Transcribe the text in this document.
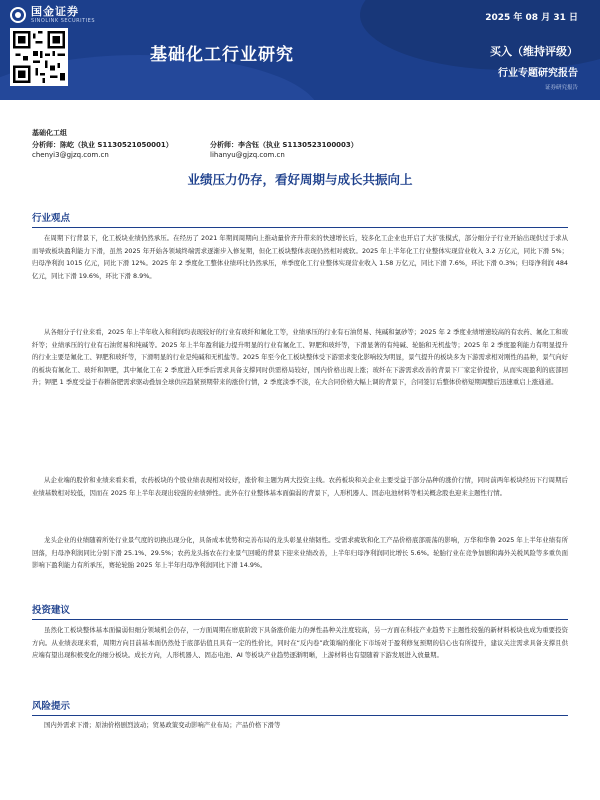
国金证券
SINOLINK SECURITIES	2025 年 08 月 31 日
基础化工行业研究	买入（维持评级）
行业专题研究报告
证券研究报告
基础化工组
分析师：陈屹（执业 S1130521050001）
chenyi3@gjzq.com.cn
分析师：李含钰（执业 S1130523100003）
lihanyu@gjzq.com.cn
业绩压力仍存，看好周期与成长共振向上
行业观点

在周期下行背景下，化工板块业绩仍然承压。在经历了 2021 年期间周期向上推动量价齐升带来的快速增长后，较多化工企业也开启了大扩张模式，部分细分子行业开始出现供过于求从而导致板块盈利能力下滑，虽然 2025 年开始各领域终端需求逐渐步入修复期，但化工板块整体表现仍然相对疲软。2025 年上半年化工行业整体实现营业收入 3.2 万亿元，同比下滑 5%；归母净利润 1015 亿元，同比下滑 12%。2025 年 2 季度化工整体业绩环比仍然承压，单季度化工行业整体实现营业收入 1.58 万亿元，同比下滑 7.6%，环比下滑 0.3%；归母净利润 484 亿元，同比下滑 19.6%，环比下滑 8.9%。

从各细分子行业来看，2025 年上半年收入和利润均表现较好的行业有玻纤和氟化工等，业绩承压的行业有石油贸易、纯碱和氯砂等；2025 年 2 季度业绩增速较高的有农药、氟化工和玻纤等；业绩承压的行业有石油贸易和纯碱等。2025 年上半年盈利能力提升明显的行业有氟化工、钾肥和玻纤等，下滑显著的有纯碱、轮胎和无机盐等；2025 年 2 季度盈利能力有明显提升的行业主要是氟化工、钾肥和玻纤等，下滑明显的行业是纯碱和无机盐等。2025 年至今化工板块整体受下游需求变化影响较为明显，景气提升的板块多为下游需求相对刚性的品种，景气向好的板块有氟化工、玻纤和钾肥，其中氟化工在 2 季度进入旺季后需求具备支撑同时供需格局较好，国内价格出现上涨；玻纤在下游需求改善的背景下厂家定价提价，从而实现盈利的底部回升；钾肥 1 季度受益于春耕备肥需求驱动叠加全球供应趋紧预期带来的涨价行情，2 季度淡季不淡，在大合同价格大幅上调的背景下，合同签订后整体价格短期调整后迅速重启上涨通道。

从企业端的股价和业绩来看来看，农药板块的个股业绩表现相对较好，涨价和主题为两大投资主线。农药板块和关企业主要受益于部分品种的涨价行情，同时前两年板块经历下行周期后业绩基数相对较低，因而在 2025 年上半年表现出较强的业绩弹性。此外在行业整体基本面偏弱的背景下，人形机器人、固态电池材料等相关概念股也迎来主题性行情。

龙头企业的业绩随着所处行业景气度的切换出现分化，具备成本优势和完善布局的龙头彰显业绩韧性。受需求疲软和化工产品价格底部震荡的影响，万华和华鲁 2025 年上半年业绩有所回落，归母净利润同比分别下滑 25.1%、29.5%；农药龙头扬农在行业景气回暖的背景下迎来业绩改善，上半年归母净利润同比增长 5.6%。轮胎行业在竞争加剧和海外关税风险等多重负面影响下盈利能力有所承压，赛轮轮胎 2025 年上半年归母净利润同比下滑 14.9%。

投资建议

虽然化工板块整体基本面偏弱但细分领域机会仍存，一方面周期在磨底阶段下具备涨价能力的弹性品种关注度较高，另一方面在科技产业趋势下主题性较强的新材料板块也成为重要投资方向。从业绩表现来看，周期方向目前基本面仍然处于底部估值且具有一定的性价比，同时在“反内卷”政策端的催化下市场对于盈利修复预期的信心也有所提升，建议关注需求具备支撑且供应端有望出现积极变化的细分板块。成长方向，人形机器人、固态电池、AI 等板块产业趋势逐渐明晰，上游材料也有望随着下游发展进入放量期。

风险提示

国内外需求下滑；原油价格剧烈波动；贸易政策变动影响产业布局；产品价格下滑等
